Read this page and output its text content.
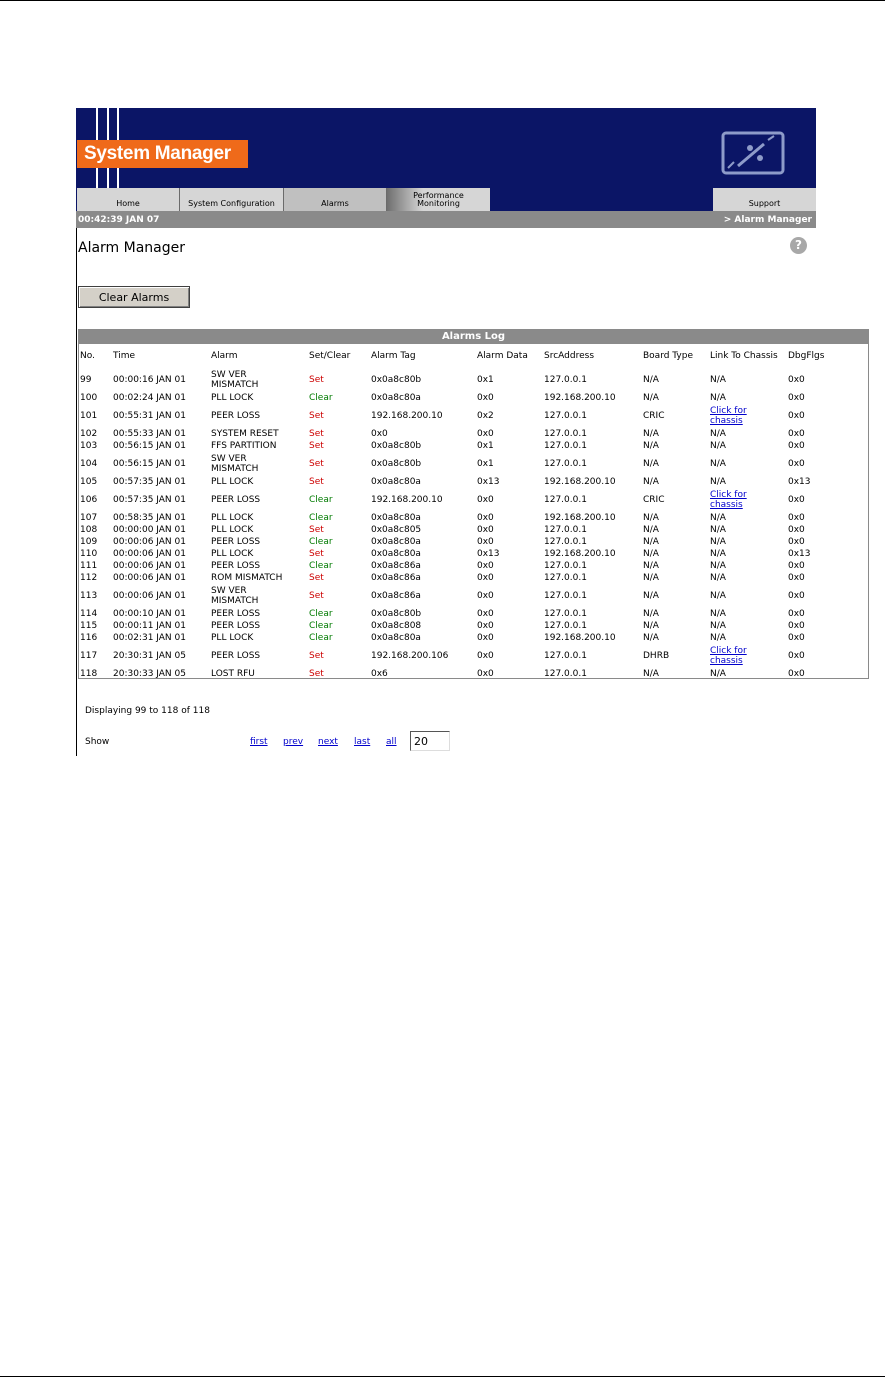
System Manager
Home	System Configuration	Alarms
Performance Monitoring	Support
00:42:39 JAN 07	> Alarm Manager
Alarm Manager	?
Clear Alarms
Alarms Log
No.	Time	Alarm	Set/Clear	Alarm Tag	Alarm Data	SrcAddress	Board Type	Link To Chassis	DbgFlgs
99	00:00:16 JAN 01	SW VER MISMATCH	Set	0x0a8c80b	0x1	127.0.0.1	N/A	N/A	0x0
100	00:02:24 JAN 01	PLL LOCK	Clear	0x0a8c80a	0x0	192.168.200.10	N/A	N/A	0x0
101	00:55:31 JAN 01	PEER LOSS	Set	192.168.200.10	0x2	127.0.0.1	CRIC	Click for chassis	0x0
102	00:55:33 JAN 01	SYSTEM RESET	Set	0x0	0x0	127.0.0.1	N/A	N/A	0x0
103	00:56:15 JAN 01	FFS PARTITION	Set	0x0a8c80b	0x1	127.0.0.1	N/A	N/A	0x0
104	00:56:15 JAN 01	SW VER MISMATCH	Set	0x0a8c80b	0x1	127.0.0.1	N/A	N/A	0x0
105	00:57:35 JAN 01	PLL LOCK	Set	0x0a8c80a	0x13	192.168.200.10	N/A	N/A	0x13
106	00:57:35 JAN 01	PEER LOSS	Clear	192.168.200.10	0x0	127.0.0.1	CRIC	Click for chassis	0x0
107	00:58:35 JAN 01	PLL LOCK	Clear	0x0a8c80a	0x0	192.168.200.10	N/A	N/A	0x0
108	00:00:00 JAN 01	PLL LOCK	Set	0x0a8c805	0x0	127.0.0.1	N/A	N/A	0x0
109	00:00:06 JAN 01	PEER LOSS	Clear	0x0a8c80a	0x0	127.0.0.1	N/A	N/A	0x0
110	00:00:06 JAN 01	PLL LOCK	Set	0x0a8c80a	0x13	192.168.200.10	N/A	N/A	0x13
111	00:00:06 JAN 01	PEER LOSS	Clear	0x0a8c86a	0x0	127.0.0.1	N/A	N/A	0x0
112	00:00:06 JAN 01	ROM MISMATCH	Set	0x0a8c86a	0x0	127.0.0.1	N/A	N/A	0x0
113	00:00:06 JAN 01	SW VER MISMATCH	Set	0x0a8c86a	0x0	127.0.0.1	N/A	N/A	0x0
114	00:00:10 JAN 01	PEER LOSS	Clear	0x0a8c80b	0x0	127.0.0.1	N/A	N/A	0x0
115	00:00:11 JAN 01	PEER LOSS	Clear	0x0a8c808	0x0	127.0.0.1	N/A	N/A	0x0
116	00:02:31 JAN 01	PLL LOCK	Clear	0x0a8c80a	0x0	192.168.200.10	N/A	N/A	0x0
117	20:30:31 JAN 05	PEER LOSS	Set	192.168.200.106	0x0	127.0.0.1	DHRB	Click for chassis	0x0
118	20:30:33 JAN 05	LOST RFU	Set	0x6	0x0	127.0.0.1	N/A	N/A	0x0
Displaying 99 to 118 of 118
Show	first prev next last all
20
